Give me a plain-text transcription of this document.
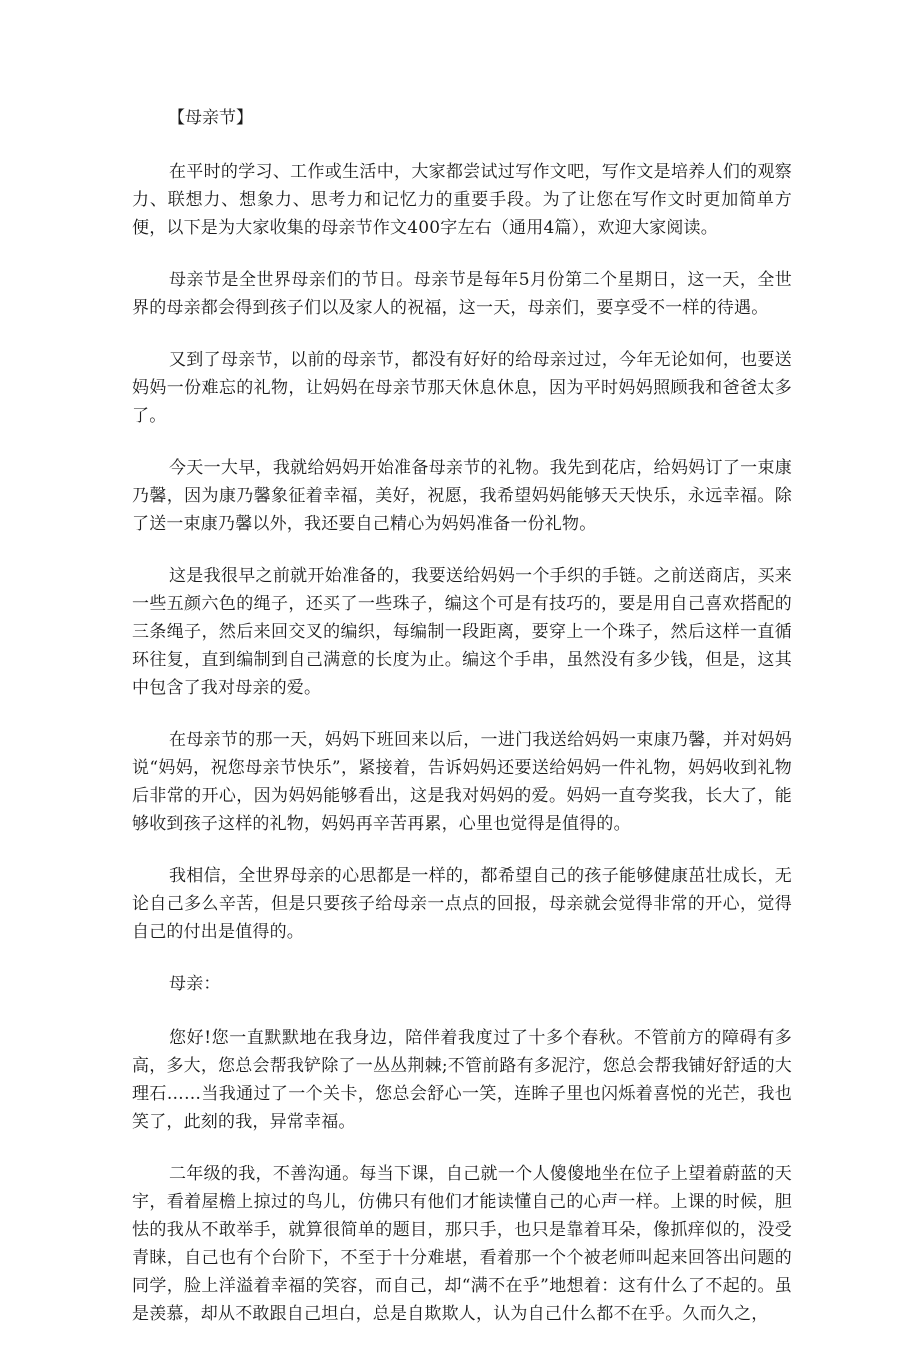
【母亲节】

在平时的学习、工作或生活中，大家都尝试过写作文吧，写作文是培养人们的观察力、联想力、想象力、思考力和记忆力的重要手段。为了让您在写作文时更加简单方便，以下是为大家收集的母亲节作文400字左右（通用4篇），欢迎大家阅读。

母亲节是全世界母亲们的节日。母亲节是每年5月份第二个星期日，这一天，全世界的母亲都会得到孩子们以及家人的祝福，这一天，母亲们，要享受不一样的待遇。

又到了母亲节，以前的母亲节，都没有好好的给母亲过过，今年无论如何，也要送妈妈一份难忘的礼物，让妈妈在母亲节那天休息休息，因为平时妈妈照顾我和爸爸太多了。

今天一大早，我就给妈妈开始准备母亲节的礼物。我先到花店，给妈妈订了一束康乃馨，因为康乃馨象征着幸福，美好，祝愿，我希望妈妈能够天天快乐，永远幸福。除了送一束康乃馨以外，我还要自己精心为妈妈准备一份礼物。

这是我很早之前就开始准备的，我要送给妈妈一个手织的手链。之前送商店，买来一些五颜六色的绳子，还买了一些珠子，编这个可是有技巧的，要是用自己喜欢搭配的三条绳子，然后来回交叉的编织，每编制一段距离，要穿上一个珠子，然后这样一直循环往复，直到编制到自己满意的长度为止。编这个手串，虽然没有多少钱，但是，这其中包含了我对母亲的爱。

在母亲节的那一天，妈妈下班回来以后，一进门我送给妈妈一束康乃馨，并对妈妈说“妈妈，祝您母亲节快乐”，紧接着，告诉妈妈还要送给妈妈一件礼物，妈妈收到礼物后非常的开心，因为妈妈能够看出，这是我对妈妈的爱。妈妈一直夸奖我，长大了，能够收到孩子这样的礼物，妈妈再辛苦再累，心里也觉得是值得的。

我相信，全世界母亲的心思都是一样的，都希望自己的孩子能够健康茁壮成长，无论自己多么辛苦，但是只要孩子给母亲一点点的回报，母亲就会觉得非常的开心，觉得自己的付出是值得的。

母亲：

您好!您一直默默地在我身边，陪伴着我度过了十多个春秋。不管前方的障碍有多高，多大，您总会帮我铲除了一丛丛荆棘;不管前路有多泥泞，您总会帮我铺好舒适的大理石……当我通过了一个关卡，您总会舒心一笑，连眸子里也闪烁着喜悦的光芒，我也笑了，此刻的我，异常幸福。

二年级的我，不善沟通。每当下课，自己就一个人傻傻地坐在位子上望着蔚蓝的天宇，看着屋檐上掠过的鸟儿，仿佛只有他们才能读懂自己的心声一样。上课的时候，胆怯的我从不敢举手，就算很简单的题目，那只手，也只是靠着耳朵，像抓痒似的，没受青睐，自己也有个台阶下，不至于十分难堪，看着那一个个被老师叫起来回答出问题的同学，脸上洋溢着幸福的笑容，而自己，却“满不在乎”地想着：这有什么了不起的。虽是羡慕，却从不敢跟自己坦白，总是自欺欺人，认为自己什么都不在乎。久而久之，
